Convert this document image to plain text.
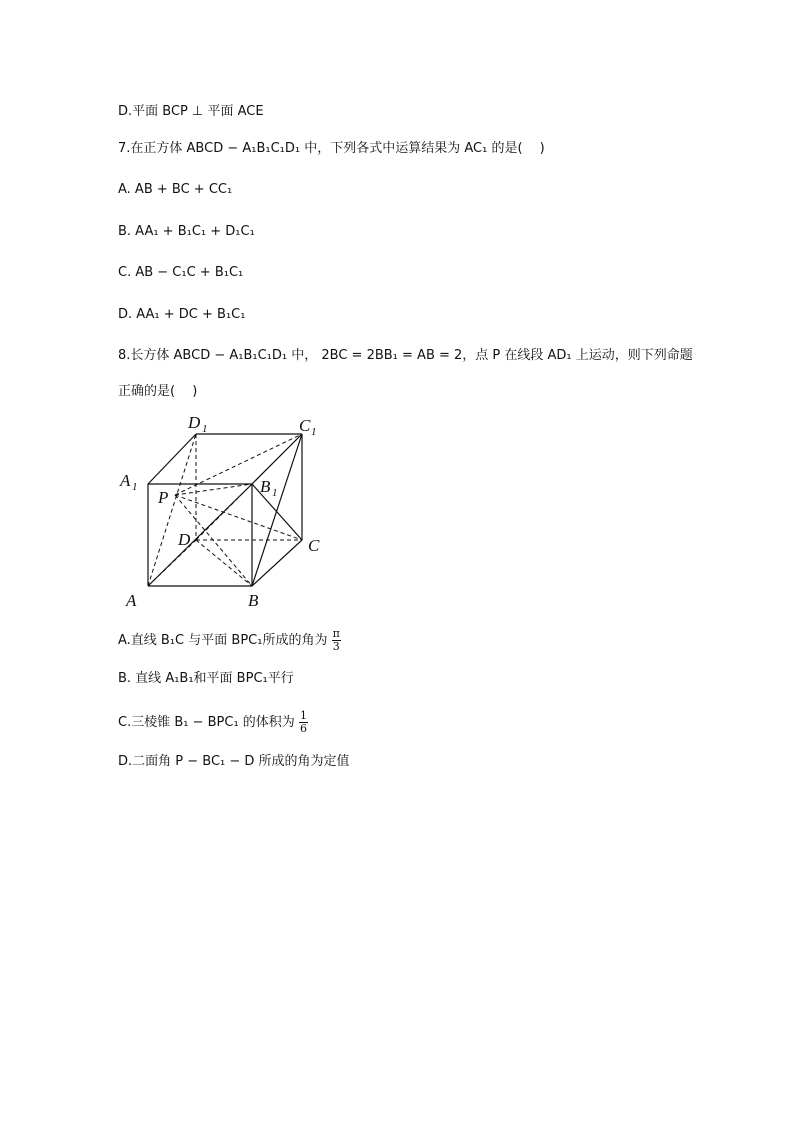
D.平面 BCP ⊥ 平面 ACE
7.在正方体 ABCD − A₁B₁C₁D₁ 中，下列各式中运算结果为 AC₁ 的是(　 )
A. AB + BC + CC₁
B. AA₁ + B₁C₁ + D₁C₁
C. AB − C₁C + B₁C₁
D. AA₁ + DC + B₁C₁
8.长方体 ABCD − A₁B₁C₁D₁ 中， 2BC = 2BB₁ = AB = 2，点 P 在线段 AD₁ 上运动，则下列命题
正确的是(　 )
D 1	C 1
A 1	B 1
P
D	C
A	B
A.直线 B₁C 与平面 BPC₁所成的角为 $\frac{\pi}{3}$
B. 直线 A₁B₁和平面 BPC₁平行
C.三棱锥 B₁ − BPC₁ 的体积为 $\frac{1}{6}$
D.二面角 P − BC₁ − D 所成的角为定值
